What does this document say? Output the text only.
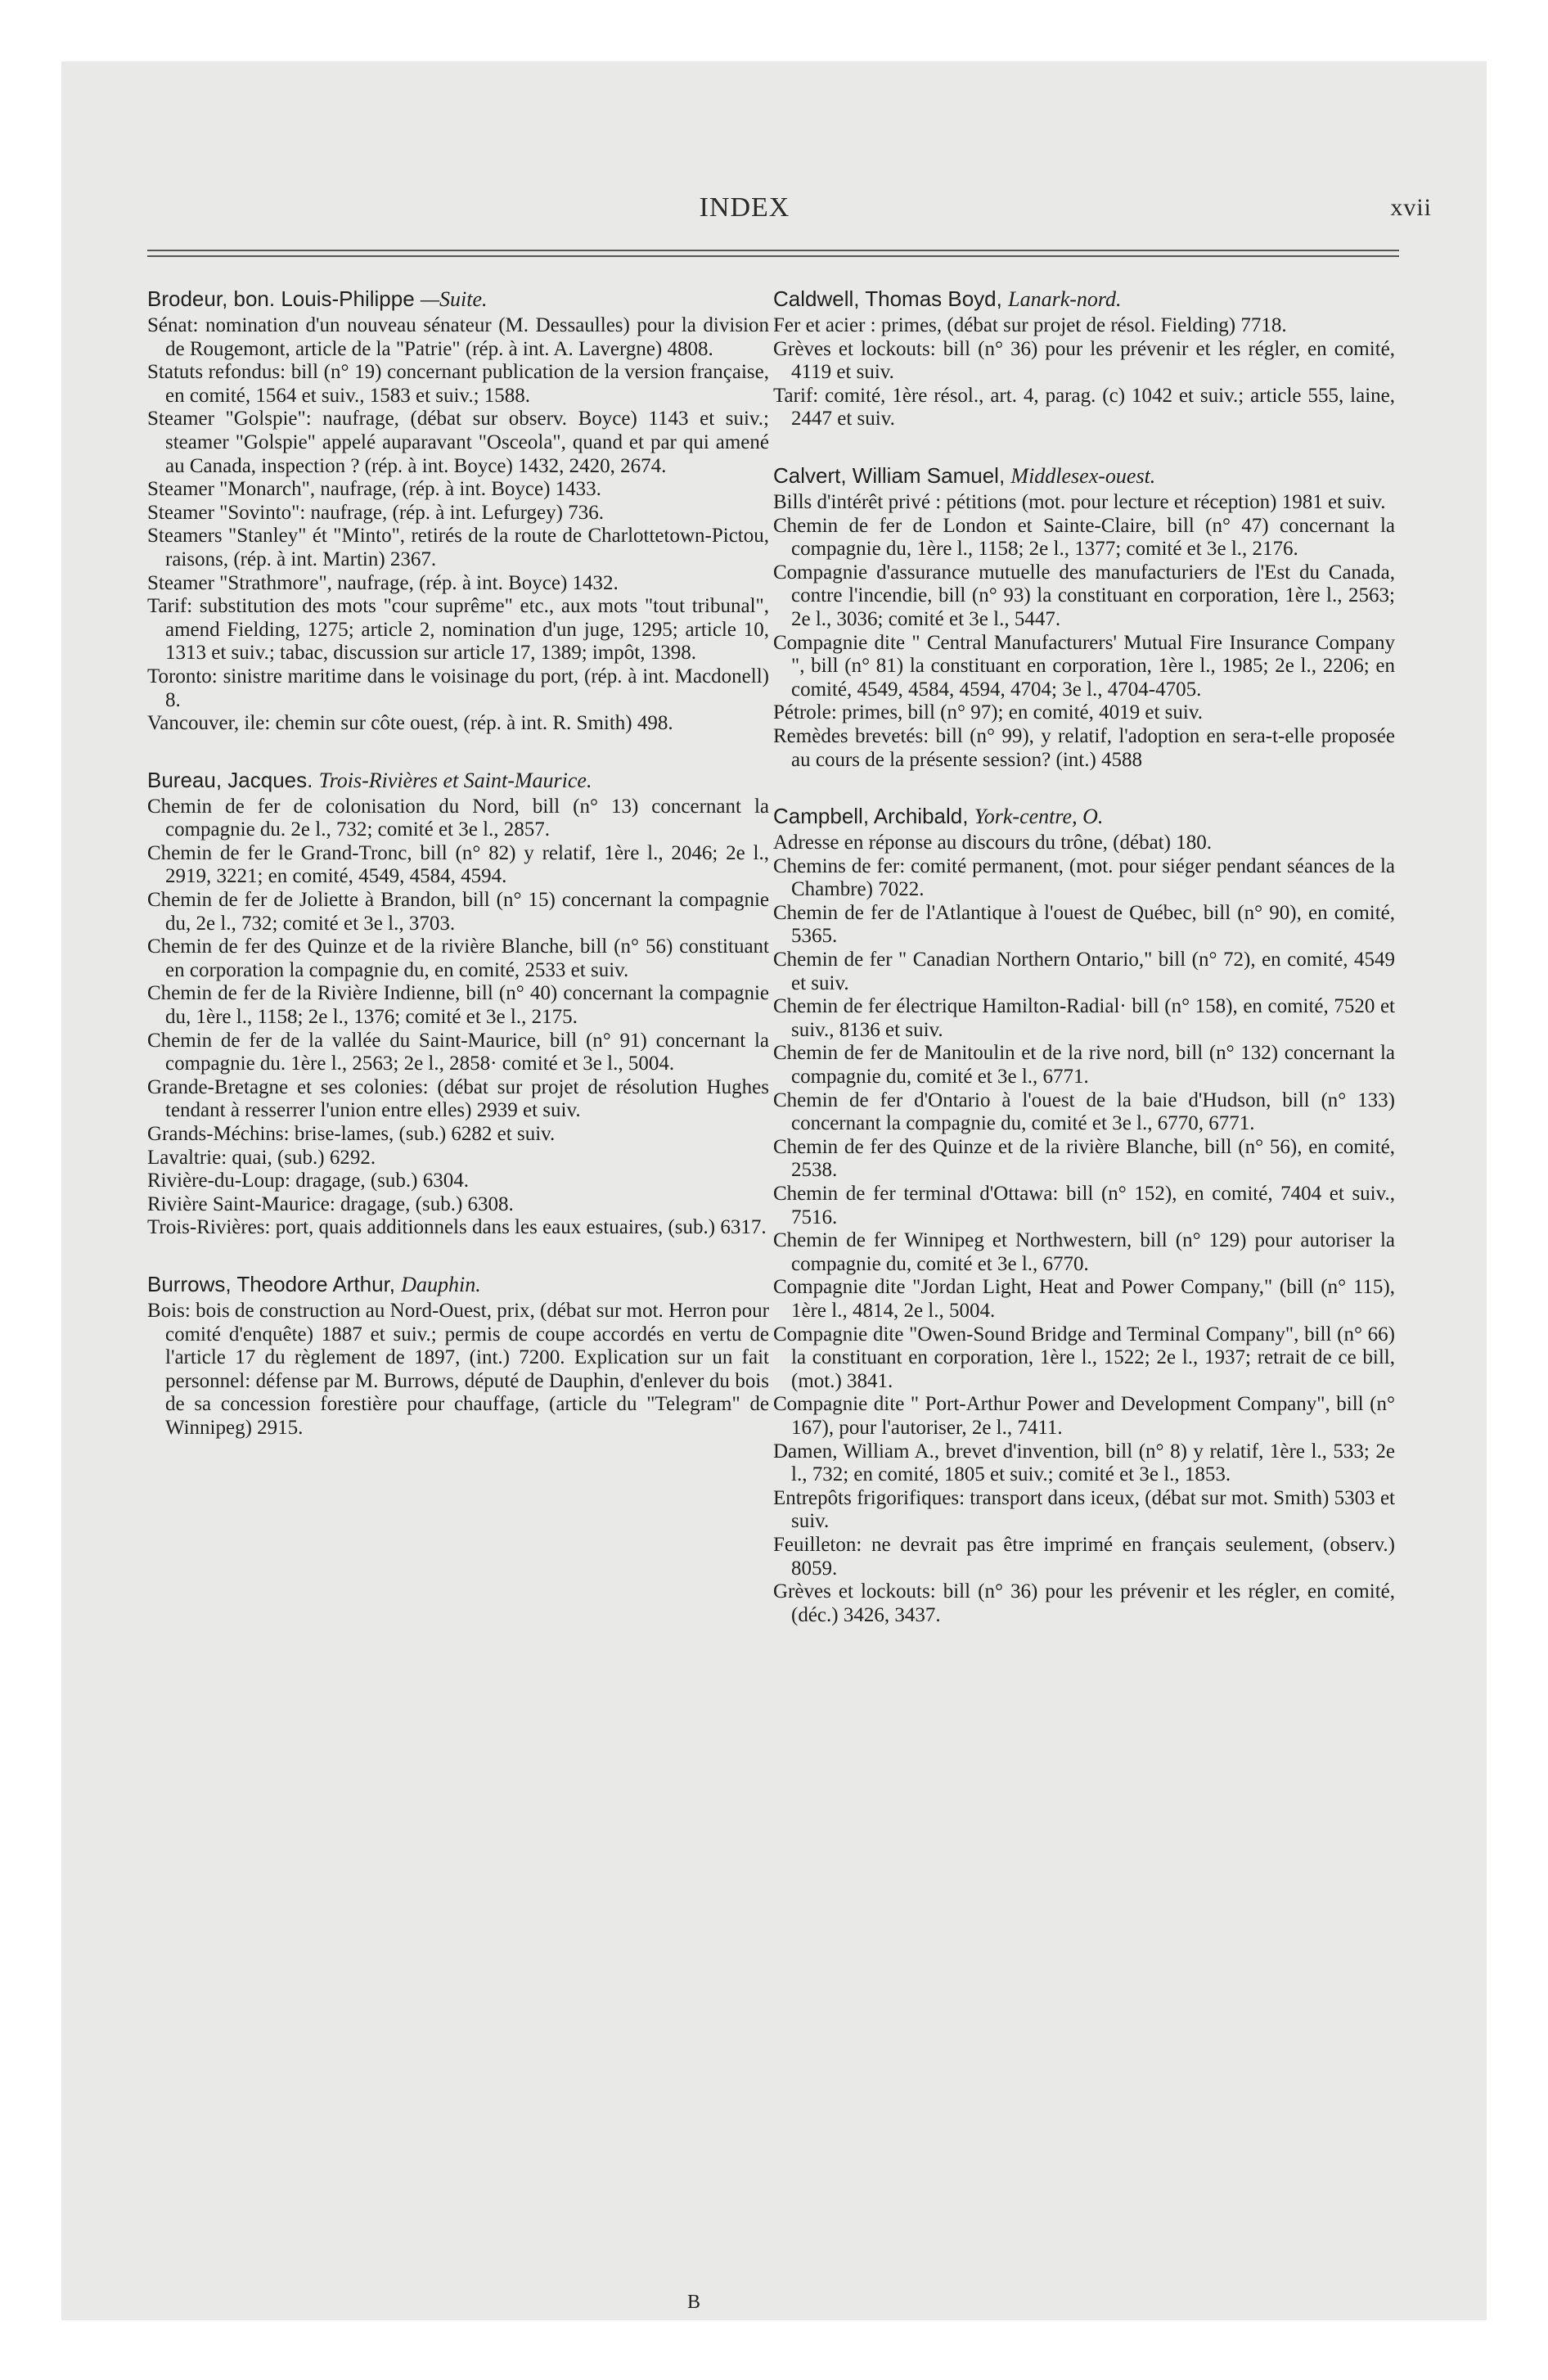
INDEX	xvii
Brodeur, bon. Louis-Philippe —Suite.

Sénat: nomination d'un nouveau sénateur (M. Dessaulles) pour la division de Rougemont, article de la "Patrie" (rép. à int. A. Lavergne) 4808.

Statuts refondus: bill (n° 19) concernant publication de la version française, en comité, 1564 et suiv., 1583 et suiv.; 1588.

Steamer "Golspie": naufrage, (débat sur observ. Boyce) 1143 et suiv.; steamer "Golspie" appelé auparavant "Osceola", quand et par qui amené au Canada, inspection ? (rép. à int. Boyce) 1432, 2420, 2674.

Steamer "Monarch", naufrage, (rép. à int. Boyce) 1433.

Steamer "Sovinto": naufrage, (rép. à int. Lefurgey) 736.

Steamers "Stanley" ét "Minto", retirés de la route de Charlottetown-Pictou, raisons, (rép. à int. Martin) 2367.

Steamer "Strathmore", naufrage, (rép. à int. Boyce) 1432.

Tarif: substitution des mots "cour suprême" etc., aux mots "tout tribunal", amend Fielding, 1275; article 2, nomination d'un juge, 1295; article 10, 1313 et suiv.; tabac, discussion sur article 17, 1389; impôt, 1398.

Toronto: sinistre maritime dans le voisinage du port, (rép. à int. Macdonell) 8.

Vancouver, ile: chemin sur côte ouest, (rép. à int. R. Smith) 498.

Bureau, Jacques. Trois-Rivières et Saint-Maurice.

Chemin de fer de colonisation du Nord, bill (n° 13) concernant la compagnie du. 2e l., 732; comité et 3e l., 2857.

Chemin de fer le Grand-Tronc, bill (n° 82) y relatif, 1ère l., 2046; 2e l., 2919, 3221; en comité, 4549, 4584, 4594.

Chemin de fer de Joliette à Brandon, bill (n° 15) concernant la compagnie du, 2e l., 732; comité et 3e l., 3703.

Chemin de fer des Quinze et de la rivière Blanche, bill (n° 56) constituant en corporation la compagnie du, en comité, 2533 et suiv.

Chemin de fer de la Rivière Indienne, bill (n° 40) concernant la compagnie du, 1ère l., 1158; 2e l., 1376; comité et 3e l., 2175.

Chemin de fer de la vallée du Saint-Maurice, bill (n° 91) concernant la compagnie du. 1ère l., 2563; 2e l., 2858· comité et 3e l., 5004.

Grande-Bretagne et ses colonies: (débat sur projet de résolution Hughes tendant à resserrer l'union entre elles) 2939 et suiv.

Grands-Méchins: brise-lames, (sub.) 6282 et suiv.

Lavaltrie: quai, (sub.) 6292.

Rivière-du-Loup: dragage, (sub.) 6304.

Rivière Saint-Maurice: dragage, (sub.) 6308.

Trois-Rivières: port, quais additionnels dans les eaux estuaires, (sub.) 6317.

Burrows, Theodore Arthur, Dauphin.

Bois: bois de construction au Nord-Ouest, prix, (débat sur mot. Herron pour comité d'enquête) 1887 et suiv.; permis de coupe accordés en vertu de l'article 17 du règlement de 1897, (int.) 7200. Explication sur un fait personnel: défense par M. Burrows, député de Dauphin, d'enlever du bois de sa concession forestière pour chauffage, (article du "Telegram" de Winnipeg) 2915.

Caldwell, Thomas Boyd, Lanark-nord.

Fer et acier : primes, (débat sur projet de résol. Fielding) 7718.

Grèves et lockouts: bill (n° 36) pour les prévenir et les régler, en comité, 4119 et suiv.

Tarif: comité, 1ère résol., art. 4, parag. (c) 1042 et suiv.; article 555, laine, 2447 et suiv.

Calvert, William Samuel, Middlesex-ouest.

Bills d'intérêt privé : pétitions (mot. pour lecture et réception) 1981 et suiv.

Chemin de fer de London et Sainte-Claire, bill (n° 47) concernant la compagnie du, 1ère l., 1158; 2e l., 1377; comité et 3e l., 2176.

Compagnie d'assurance mutuelle des manufacturiers de l'Est du Canada, contre l'incendie, bill (n° 93) la constituant en corporation, 1ère l., 2563; 2e l., 3036; comité et 3e l., 5447.

Compagnie dite " Central Manufacturers' Mutual Fire Insurance Company ", bill (n° 81) la constituant en corporation, 1ère l., 1985; 2e l., 2206; en comité, 4549, 4584, 4594, 4704; 3e l., 4704-4705.

Pétrole: primes, bill (n° 97); en comité, 4019 et suiv.

Remèdes brevetés: bill (n° 99), y relatif, l'adoption en sera-t-elle proposée au cours de la présente session? (int.) 4588

Campbell, Archibald, York-centre, O.

Adresse en réponse au discours du trône, (débat) 180.

Chemins de fer: comité permanent, (mot. pour siéger pendant séances de la Chambre) 7022.

Chemin de fer de l'Atlantique à l'ouest de Québec, bill (n° 90), en comité, 5365.

Chemin de fer " Canadian Northern Ontario," bill (n° 72), en comité, 4549 et suiv.

Chemin de fer électrique Hamilton-Radial· bill (n° 158), en comité, 7520 et suiv., 8136 et suiv.

Chemin de fer de Manitoulin et de la rive nord, bill (n° 132) concernant la compagnie du, comité et 3e l., 6771.

Chemin de fer d'Ontario à l'ouest de la baie d'Hudson, bill (n° 133) concernant la compagnie du, comité et 3e l., 6770, 6771.

Chemin de fer des Quinze et de la rivière Blanche, bill (n° 56), en comité, 2538.

Chemin de fer terminal d'Ottawa: bill (n° 152), en comité, 7404 et suiv., 7516.

Chemin de fer Winnipeg et Northwestern, bill (n° 129) pour autoriser la compagnie du, comité et 3e l., 6770.

Compagnie dite "Jordan Light, Heat and Power Company," (bill (n° 115), 1ère l., 4814, 2e l., 5004.

Compagnie dite "Owen-Sound Bridge and Terminal Company", bill (n° 66) la constituant en corporation, 1ère l., 1522; 2e l., 1937; retrait de ce bill, (mot.) 3841.

Compagnie dite " Port-Arthur Power and Development Company", bill (n° 167), pour l'autoriser, 2e l., 7411.

Damen, William A., brevet d'invention, bill (n° 8) y relatif, 1ère l., 533; 2e l., 732; en comité, 1805 et suiv.; comité et 3e l., 1853.

Entrepôts frigorifiques: transport dans iceux, (débat sur mot. Smith) 5303 et suiv.

Feuilleton: ne devrait pas être imprimé en français seulement, (observ.) 8059.

Grèves et lockouts: bill (n° 36) pour les prévenir et les régler, en comité, (déc.) 3426, 3437.

B
